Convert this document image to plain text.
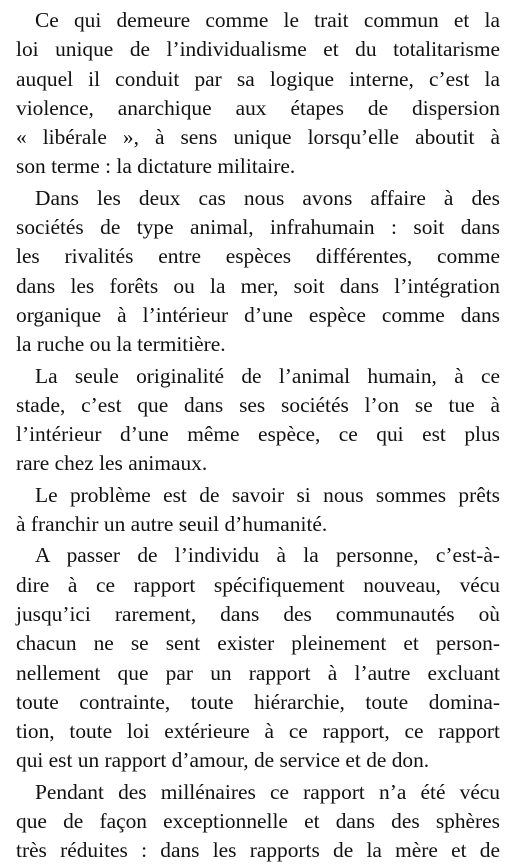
Ce qui demeure comme le trait commun et la
loi unique de l’individualisme et du totalitarisme
auquel il conduit par sa logique interne, c’est la
violence, anarchique aux étapes de dispersion
« libérale », à sens unique lorsqu’elle aboutit à
son terme : la dictature militaire.
Dans les deux cas nous avons affaire à des
sociétés de type animal, infrahumain : soit dans
les rivalités entre espèces différentes, comme
dans les forêts ou la mer, soit dans l’intégration
organique à l’intérieur d’une espèce comme dans
la ruche ou la termitière.
La seule originalité de l’animal humain, à ce
stade, c’est que dans ses sociétés l’on se tue à
l’intérieur d’une même espèce, ce qui est plus
rare chez les animaux.
Le problème est de savoir si nous sommes prêts
à franchir un autre seuil d’humanité.
A passer de l’individu à la personne, c’est-à-
dire à ce rapport spécifiquement nouveau, vécu
jusqu’ici rarement, dans des communautés où
chacun ne se sent exister pleinement et person-
nellement que par un rapport à l’autre excluant
toute contrainte, toute hiérarchie, toute domina-
tion, toute loi extérieure à ce rapport, ce rapport
qui est un rapport d’amour, de service et de don.
Pendant des millénaires ce rapport n’a été vécu
que de façon exceptionnelle et dans des sphères
très réduites : dans les rapports de la mère et de
